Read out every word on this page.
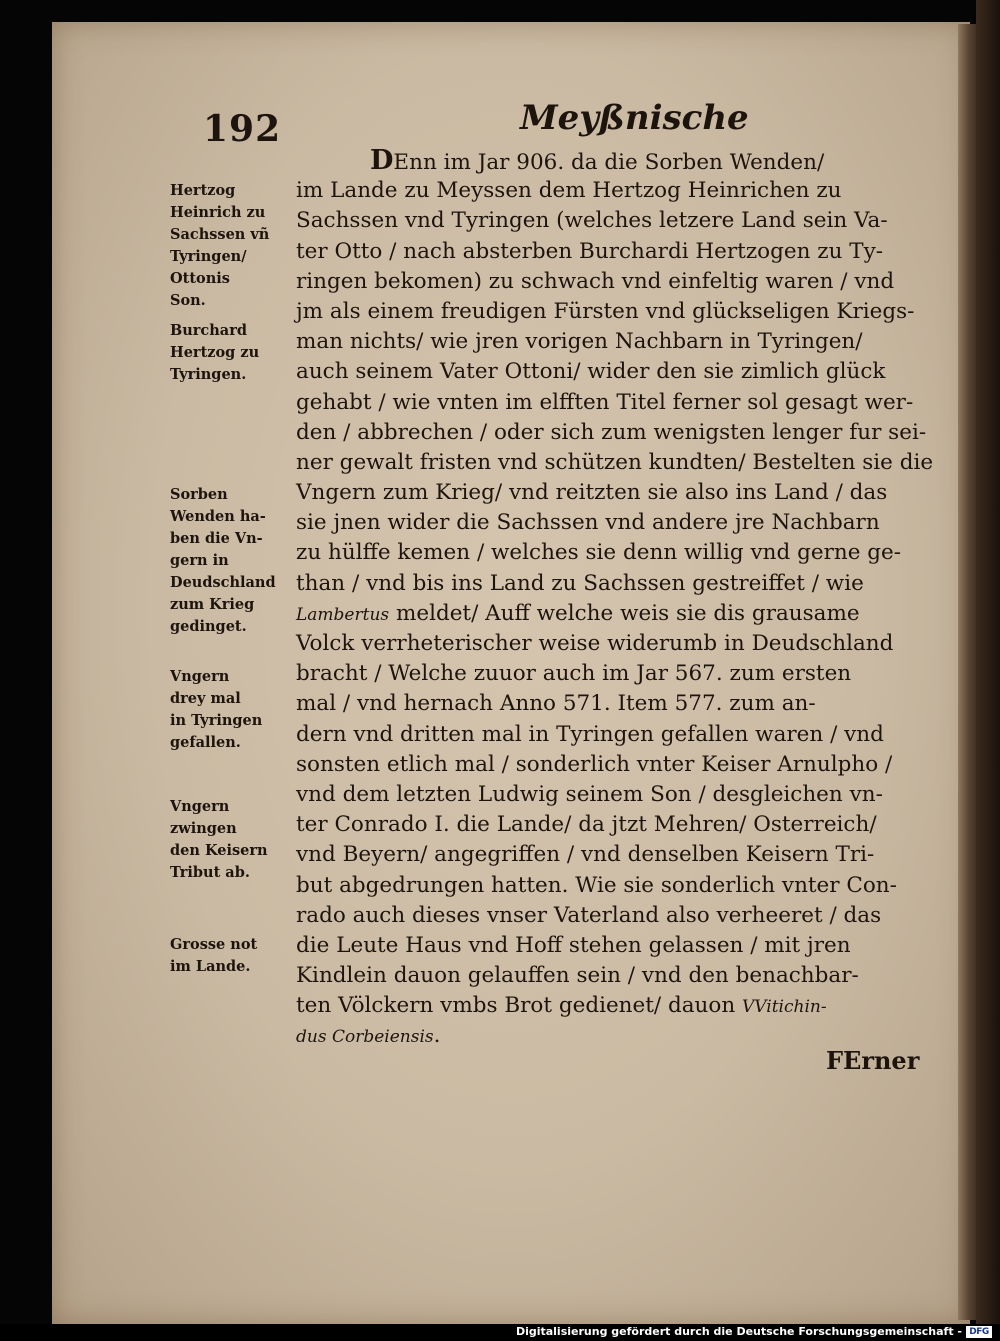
192	Meyßnische
Hertzog
Heinrich zu
Sachssen vñ
Tyringen/
Ottonis
Son.
Burchard
Hertzog zu
Tyringen.
Sorben
Wenden ha-
ben die Vn-
gern in
Deudschland
zum Krieg
gedinget.
Vngern
drey mal
in Tyringen
gefallen.
Vngern
zwingen
den Keisern
Tribut ab.
Grosse not
im Lande.
DEnn im Jar 906. da die Sorben Wenden/
im Lande zu Meyssen dem Hertzog Heinrichen zu
Sachssen vnd Tyringen (welches letzere Land sein Va-
ter Otto / nach absterben Burchardi Hertzogen zu Ty-
ringen bekomen) zu schwach vnd einfeltig waren / vnd
jm als einem freudigen Fürsten vnd glückseligen Kriegs-
man nichts/ wie jren vorigen Nachbarn in Tyringen/
auch seinem Vater Ottoni/ wider den sie zimlich glück
gehabt / wie vnten im elfften Titel ferner sol gesagt wer-
den / abbrechen / oder sich zum wenigsten lenger fur sei-
ner gewalt fristen vnd schützen kundten/ Bestelten sie die
Vngern zum Krieg/ vnd reitzten sie also ins Land / das
sie jnen wider die Sachssen vnd andere jre Nachbarn
zu hülffe kemen / welches sie denn willig vnd gerne ge-
than / vnd bis ins Land zu Sachssen gestreiffet / wie
Lambertus meldet/ Auff welche weis sie dis grausame
Volck verrheterischer weise widerumb in Deudschland
bracht / Welche zuuor auch im Jar 567. zum ersten
mal / vnd hernach Anno 571. Item 577. zum an-
dern vnd dritten mal in Tyringen gefallen waren / vnd
sonsten etlich mal / sonderlich vnter Keiser Arnulpho /
vnd dem letzten Ludwig seinem Son / desgleichen vn-
ter Conrado I. die Lande/ da jtzt Mehren/ Osterreich/
vnd Beyern/ angegriffen / vnd denselben Keisern Tri-
but abgedrungen hatten. Wie sie sonderlich vnter Con-
rado auch dieses vnser Vaterland also verheeret / das
die Leute Haus vnd Hoff stehen gelassen / mit jren
Kindlein dauon gelauffen sein / vnd den benachbar-
ten Völckern vmbs Brot gedienet/ dauon VVitichin-
dus Corbeiensis.
FErner
Digitalisierung gefördert durch die Deutsche Forschungsgemeinschaft - DFG
